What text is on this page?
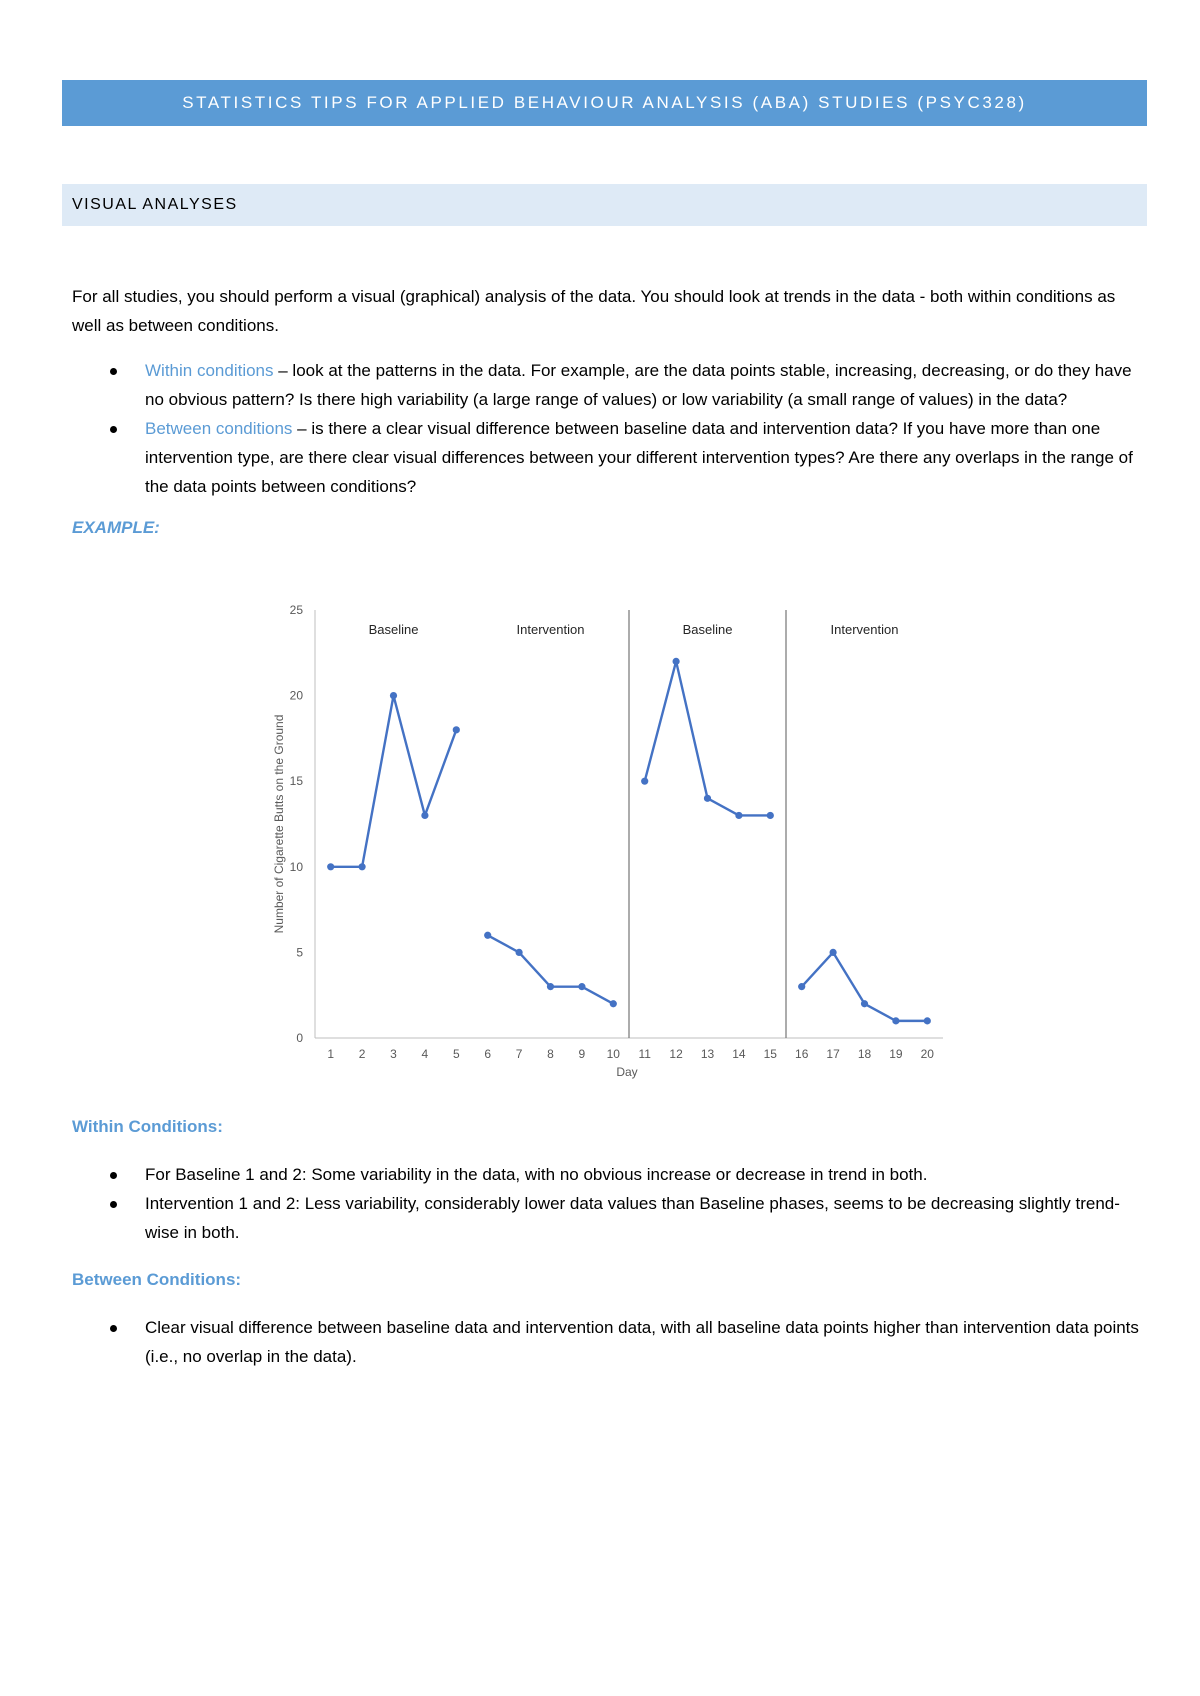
STATISTICS TIPS FOR APPLIED BEHAVIOUR ANALYSIS (ABA) STUDIES (PSYC328)
VISUAL ANALYSES

For all studies, you should perform a visual (graphical) analysis of the data. You should look at trends in the data - both within conditions as well as between conditions.

Within conditions – look at the patterns in the data. For example, are the data points stable, increasing, decreasing, or do they have no obvious pattern? Is there high variability (a large range of values) or low variability (a small range of values) in the data?
Between conditions – is there a clear visual difference between baseline data and intervention data? If you have more than one intervention type, are there clear visual differences between your different intervention types? Are there any overlaps in the range of the data points between conditions?

EXAMPLE:

0
5
10
15
20
25
1 2 3 4 5 6 7 8 9 10 11 12 13 14 15 16 17 18 19 20
Baseline	Intervention	Baseline	Intervention
Day
Number of Cigarette Butts on the Ground

Within Conditions:

For Baseline 1 and 2: Some variability in the data, with no obvious increase or decrease in trend in both.
Intervention 1 and 2: Less variability, considerably lower data values than Baseline phases, seems to be decreasing slightly trend-wise in both.

Between Conditions:

Clear visual difference between baseline data and intervention data, with all baseline data points higher than intervention data points (i.e., no overlap in the data).
